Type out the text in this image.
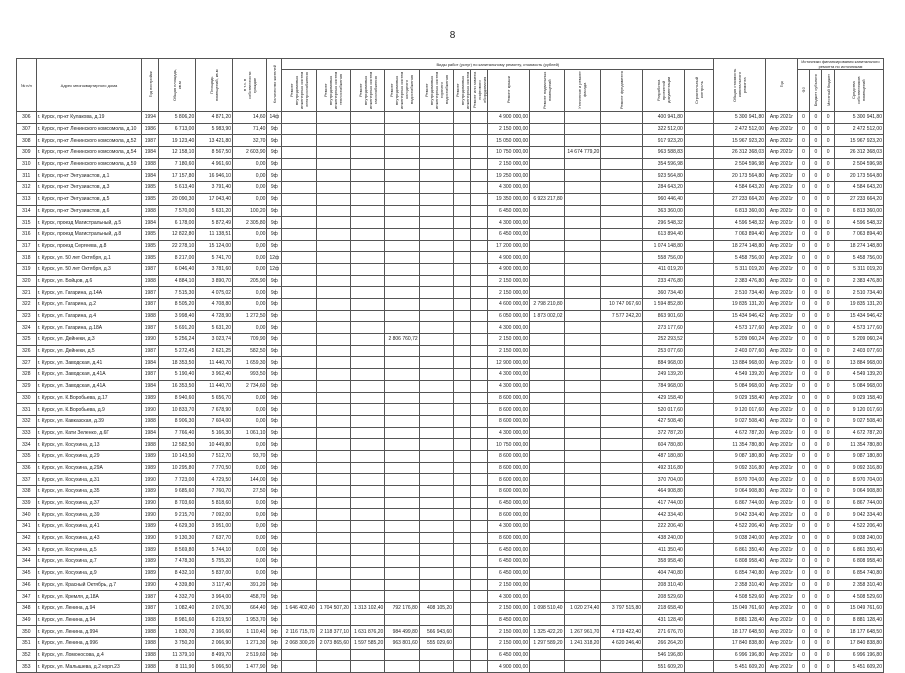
8
№ п/п	Адрес многоквартирного дома	Год постройки	Общая площадь, кв.м	Площадь помещений, кв.м	в т.ч. в собственности граждан	Количество жителей	Виды работ (услуг) по капитальному ремонту, стоимость (рублей)													Общая стоимость капитального ремонта	Год	Источники финансирования капитального ремонта по источникам			
							Ремонт внутридомовых инженерных систем электроснабжения	Ремонт внутридомовых инженерных систем теплоснабжения	Ремонт внутридомовых инженерных систем газоснабжения	Ремонт внутридомовых инженерных систем холодного водоснабжения	Ремонт внутридомовых инженерных систем горячего водоснабжения	Ремонт внутридомовых инженерных систем	Ремонт или замена лифтового оборудования	Ремонт крыши	Ремонт подвальных помещений	Утепление и ремонт фасада	Ремонт фундамента	Разработка проектной документации	Строительный контроль			ФЗ	Бюджет субъекта	Местный бюджет	Средства собственников помещений
306	г. Курск, пр-кт Кулакова, д.19	1994	5 806,20	4 871,20	14,60	14ф								4 900 000,00				400 941,80		5 300 941,80	Апр 2021г	0	0	0	5 300 941,80
307	г. Курск, пр-кт Ленинского комсомола, д.10	1986	6 713,00	5 983,90	71,40	9ф								2 150 000,00				322 512,00		2 472 512,00	Апр 2021г	0	0	0	2 472 512,00
308	г. Курск, пр-кт Ленинского комсомола, д.52	1987	19 123,40	13 421,80	32,70	9ф								15 050 000,00				917 923,20		15 967 923,20	Апр 2021г	0	0	0	15 967 923,20
309	г. Курск, пр-кт Ленинского комсомола, д.54	1984	12 158,10	8 567,50	2 603,90	9ф								10 750 000,00		14 674 779,20		963 588,83		26 312 368,03	Апр 2021г	0	0	0	26 312 368,03
310	г. Курск, пр-кт Ленинского комсомола, д.59	1988	7 180,60	4 961,60	0,00	9ф								2 150 000,00				354 596,98		2 504 596,98	Апр 2021г	0	0	0	2 504 596,98
311	г. Курск, пр-кт Энтузиастов, д.1	1984	17 157,80	16 946,10	0,00	9ф								19 250 000,00				923 564,80		20 173 564,80	Апр 2021г	0	0	0	20 173 564,80
312	г. Курск, пр-кт Энтузиастов, д.3	1985	5 613,40	3 791,40	0,00	9ф								4 300 000,00				284 643,20		4 584 643,20	Апр 2021г	0	0	0	4 584 643,20
313	г. Курск, пр-кт Энтузиастов, д.5	1985	20 090,30	17 043,40	0,00	9ф								19 350 000,00	6 923 217,80			960 446,40		27 233 664,20	Апр 2021г	0	0	0	27 233 664,20
314	г. Курск, пр-кт Энтузиастов, д.6	1988	7 570,00	5 631,20	100,20	9ф								6 450 000,00				363 360,00		6 813 360,00	Апр 2021г	0	0	0	6 813 360,00
315	г. Курск, проезд Магистральный, д.5	1984	6 178,00	5 872,49	2 305,80	9ф								4 300 000,00				296 548,32		4 596 548,32	Апр 2021г	0	0	0	4 596 548,32
316	г. Курск, проезд Магистральный, д.8	1985	12 822,80	11 138,51	0,00	9ф								6 450 000,00				613 894,40		7 063 894,40	Апр 2021г	0	0	0	7 063 894,40
317	г. Курск, проезд Сергеева, д.8	1985	22 278,10	15 124,00	0,00	9ф								17 200 000,00				1 074 148,80		18 274 148,80	Апр 2021г	0	0	0	18 274 148,80
318	г. Курск, ул. 50 лет Октября, д.1	1985	8 217,00	5 741,70	0,00	12ф								4 900 000,00				558 756,00		5 458 756,00	Апр 2021г	0	0	0	5 458 756,00
319	г. Курск, ул. 50 лет Октября, д.3	1987	6 046,40	3 781,60	0,00	12ф								4 900 000,00				411 019,20		5 311 019,20	Апр 2021г	0	0	0	5 311 019,20
320	г. Курск, ул. Бойцов, д.6	1988	4 884,10	3 890,70	205,90	9ф								2 150 000,00				233 476,80		2 383 476,80	Апр 2021г	0	0	0	2 383 476,80
321	г. Курск, ул. Гагарина, д.14А	1987	7 515,30	4 075,02	0,00	9ф								2 150 000,00				360 734,40		2 510 734,40	Апр 2021г	0	0	0	2 510 734,40
322	г. Курск, ул. Гагарина, д.2	1987	8 505,20	4 708,80	0,00	9ф								4 600 000,00	2 798 210,80		10 747 067,60	1 594 852,80		19 835 131,20	Апр 2021г	0	0	0	19 835 131,20
323	г. Курск, ул. Гагарина, д.4	1988	3 998,40	4 728,90	1 272,50	9ф								6 050 000,00	1 873 002,02		7 577 242,20	863 901,60		15 434 946,42	Апр 2021г	0	0	0	15 434 946,42
324	г. Курск, ул. Гагарина, д.18А	1987	5 691,20	5 631,20	0,00	9ф								4 300 000,00				273 177,60		4 573 177,60	Апр 2021г	0	0	0	4 573 177,60
325	г. Курск, ул. Дейнеки, д.3	1990	5 256,24	3 023,74	709,90	9ф				2 806 760,72				2 150 000,00				252 293,52		5 209 060,24	Апр 2021г	0	0	0	5 209 060,24
326	г. Курск, ул. Дейнеки, д.5	1987	5 272,45	2 621,25	582,50	9ф								2 150 000,00				253 077,60		2 403 077,60	Апр 2021г	0	0	0	2 403 077,60
327	г. Курск, ул. Заводская, д.41	1984	18 353,50	11 440,70	1 659,30	9ф								12 900 000,00				884 968,00		13 884 968,00	Апр 2021г	0	0	0	13 884 968,00
328	г. Курск, ул. Заводская, д.41А	1987	5 190,40	3 962,40	993,50	9ф								4 300 000,00				249 139,20		4 549 139,20	Апр 2021г	0	0	0	4 549 139,20
329	г. Курск, ул. Заводская, д.41А	1984	16 353,50	11 440,70	2 734,60	9ф								4 300 000,00				784 968,00		5 084 968,00	Апр 2021г	0	0	0	5 084 968,00
330	г. Курск, ул. К.Воробьева, д.17	1989	8 940,60	5 656,70	0,00	9ф								8 600 000,00				429 158,40		9 029 158,40	Апр 2021г	0	0	0	9 029 158,40
331	г. Курск, ул. К.Воробьева, д.9	1990	10 833,70	7 678,90	0,00	9ф								8 600 000,00				520 017,60		9 120 017,60	Апр 2021г	0	0	0	9 120 017,60
332	г. Курск, ул. Кавказская, д.39	1988	8 906,30	7 604,00	0,00	9ф								8 600 000,00				427 508,40		9 027 508,40	Апр 2021г	0	0	0	9 027 508,40
333	г. Курск, ул. Кати Зеленко, д.6Г	1984	7 766,40	5 166,30	1 061,10	9ф								4 300 000,00				372 787,20		4 672 787,20	Апр 2021г	0	0	0	4 672 787,20
334	г. Курск, ул. Косухина, д.13	1988	12 582,50	10 449,80	0,00	9ф								10 750 000,00				604 780,80		11 354 780,80	Апр 2021г	0	0	0	11 354 780,80
335	г. Курск, ул. Косухина, д.29	1989	10 143,50	7 512,70	93,70	9ф								8 600 000,00				487 180,80		9 087 180,80	Апр 2021г	0	0	0	9 087 180,80
336	г. Курск, ул. Косухина, д.29А	1989	10 295,80	7 770,50	0,00	9ф								8 600 000,00				492 316,80		9 092 316,80	Апр 2021г	0	0	0	9 092 316,80
337	г. Курск, ул. Косухина, д.31	1990	7 723,00	4 729,50	144,00	9ф								8 600 000,00				370 704,00		8 970 704,00	Апр 2021г	0	0	0	8 970 704,00
338	г. Курск, ул. Косухина, д.35	1989	9 685,60	7 760,70	27,50	9ф								8 600 000,00				464 908,80		9 064 908,80	Апр 2021г	0	0	0	9 064 908,80
339	г. Курск, ул. Косухина, д.37	1990	8 703,60	5 818,60	0,00	9ф								6 450 000,00				417 744,00		6 867 744,00	Апр 2021г	0	0	0	6 867 744,00
340	г. Курск, ул. Косухина, д.39	1990	9 215,70	7 092,00	0,00	9ф								8 600 000,00				442 334,40		9 042 334,40	Апр 2021г	0	0	0	9 042 334,40
341	г. Курск, ул. Косухина, д.41	1989	4 629,30	3 951,00	0,00	9ф								4 300 000,00				222 206,40		4 522 206,40	Апр 2021г	0	0	0	4 522 206,40
342	г. Курск, ул. Косухина, д.43	1990	9 130,30	7 637,70	0,00	9ф								8 600 000,00				438 240,00		9 038 240,00	Апр 2021г	0	0	0	9 038 240,00
343	г. Курск, ул. Косухина, д.5	1989	8 569,80	5 744,10	0,00	9ф								6 450 000,00				411 350,40		6 861 350,40	Апр 2021г	0	0	0	6 861 350,40
344	г. Курск, ул. Косухина, д.7	1989	7 478,30	5 755,20	0,00	9ф								6 450 000,00				358 958,40		6 808 958,40	Апр 2021г	0	0	0	6 808 958,40
345	г. Курск, ул. Косухина, д.9	1989	8 432,10	5 837,00	0,00	9ф								6 450 000,00				404 740,80		6 854 740,80	Апр 2021г	0	0	0	6 854 740,80
346	г. Курск, ул. Красный Октябрь, д.7	1990	4 339,80	3 117,40	391,20	9ф								2 150 000,00				208 310,40		2 358 310,40	Апр 2021г	0	0	0	2 358 310,40
347	г. Курск, ул. Кремля, д.18А	1987	4 332,70	3 964,00	458,70	9ф								4 300 000,00				208 529,60		4 508 529,60	Апр 2021г	0	0	0	4 508 529,60
348	г. Курск, ул. Ленина, д.94	1987	1 082,40	2 076,30	664,40	9ф	1 646 402,40	1 704 507,20	1 313 102,40	792 176,80	408 105,20			2 150 000,00	1 098 510,40	1 020 274,40	3 797 515,80	218 658,40		15 049 761,60	Апр 2021г	0	0	0	15 049 761,60
349	г. Курск, ул. Ленина, д.94	1988	8 981,60	6 219,50	1 953,70	9ф								8 450 000,00				431 128,40		8 881 128,40	Апр 2021г	0	0	0	8 881 128,40
350	г. Курск, ул. Ленина, д.994	1988	1 830,70	2 166,60	1 110,40	9ф	2 116 715,70	2 118 377,10	1 631 876,20	984 499,80	566 943,60			2 150 000,00	1 325 422,20	1 267 961,70	4 719 422,40	271 676,70		18 177 648,50	Апр 2021г	0	0	0	18 177 648,50
351	г. Курск, ул. Ленина, д.996	1988	3 750,20	2 066,90	1 271,30	9ф	2 068 300,20	2 073 865,60	1 597 585,20	963 801,60	555 029,60			2 150 000,00	1 297 589,20	1 241 318,20	4 620 246,40	266 264,20		17 840 838,80	Апр 2021г	0	0	0	17 840 838,80
352	г. Курск, ул. Ломоносова, д.4	1988	11 379,10	8 499,70	2 519,60	9ф								6 450 000,00				546 196,80		6 996 196,80	Апр 2021г	0	0	0	6 996 196,80
353	г. Курск, ул. Малышева, д.2 корп.23	1988	8 111,90	5 066,50	1 477,90	9ф								4 900 000,00				551 609,20		5 451 609,20	Апр 2021г	0	0	0	5 451 609,20
